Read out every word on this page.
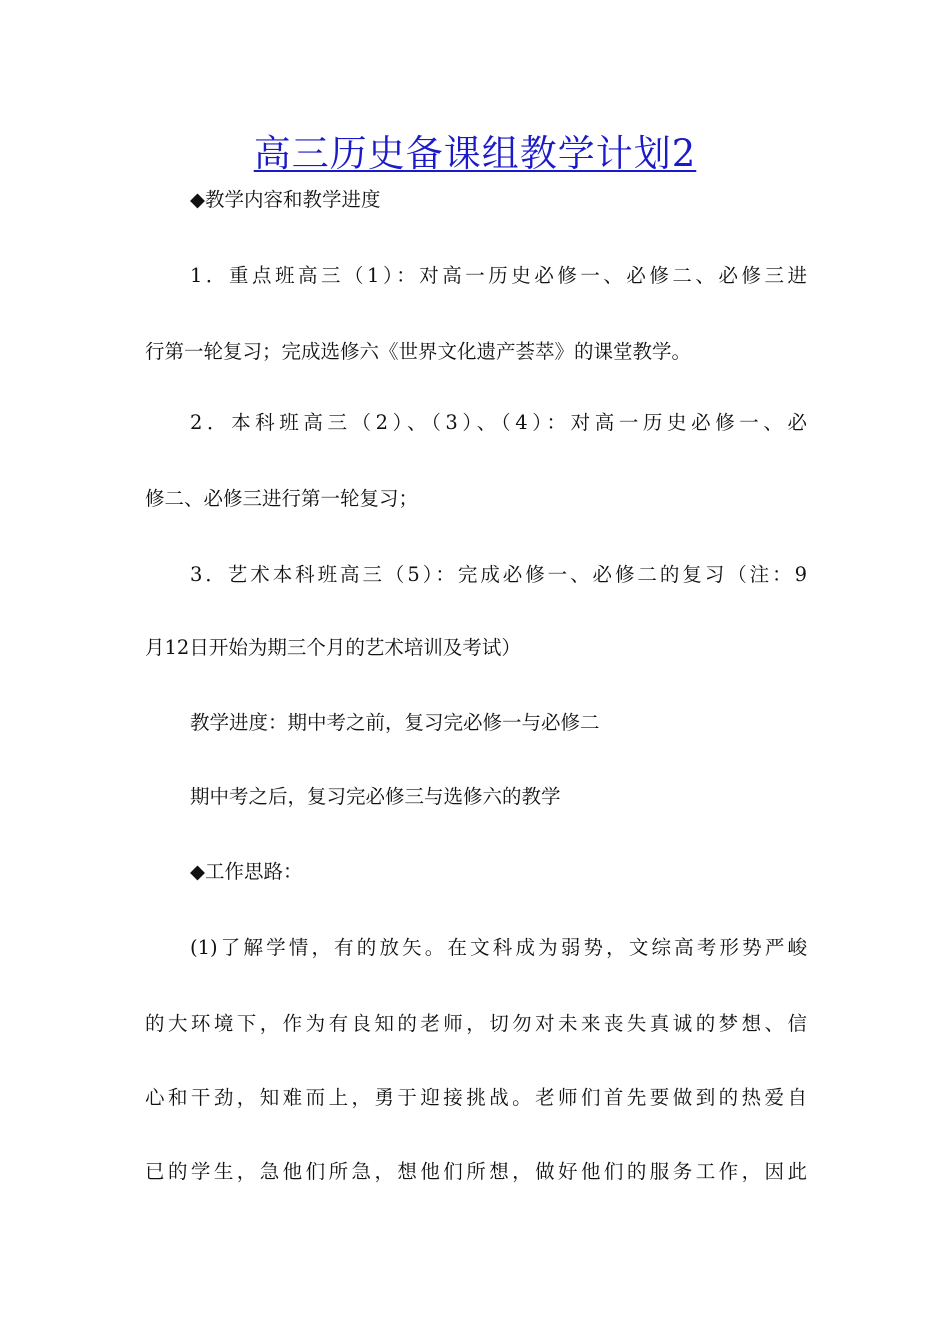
高三历史备课组教学计划2

◆教学内容和教学进度

1．重点班高三（1）：对高一历史必修一、必修二、必修三进

行第一轮复习；完成选修六《世界文化遗产荟萃》的课堂教学。

2．本科班高三（2）、（3）、（4）：对高一历史必修一、必

修二、必修三进行第一轮复习；

3．艺术本科班高三（5）：完成必修一、必修二的复习（注：9

月12日开始为期三个月的艺术培训及考试）

教学进度：期中考之前，复习完必修一与必修二

期中考之后，复习完必修三与选修六的教学

◆工作思路：

(1)了解学情，有的放矢。在文科成为弱势，文综高考形势严峻

的大环境下，作为有良知的老师，切勿对未来丧失真诚的梦想、信

心和干劲，知难而上，勇于迎接挑战。老师们首先要做到的热爱自

已的学生，急他们所急，想他们所想，做好他们的服务工作，因此
